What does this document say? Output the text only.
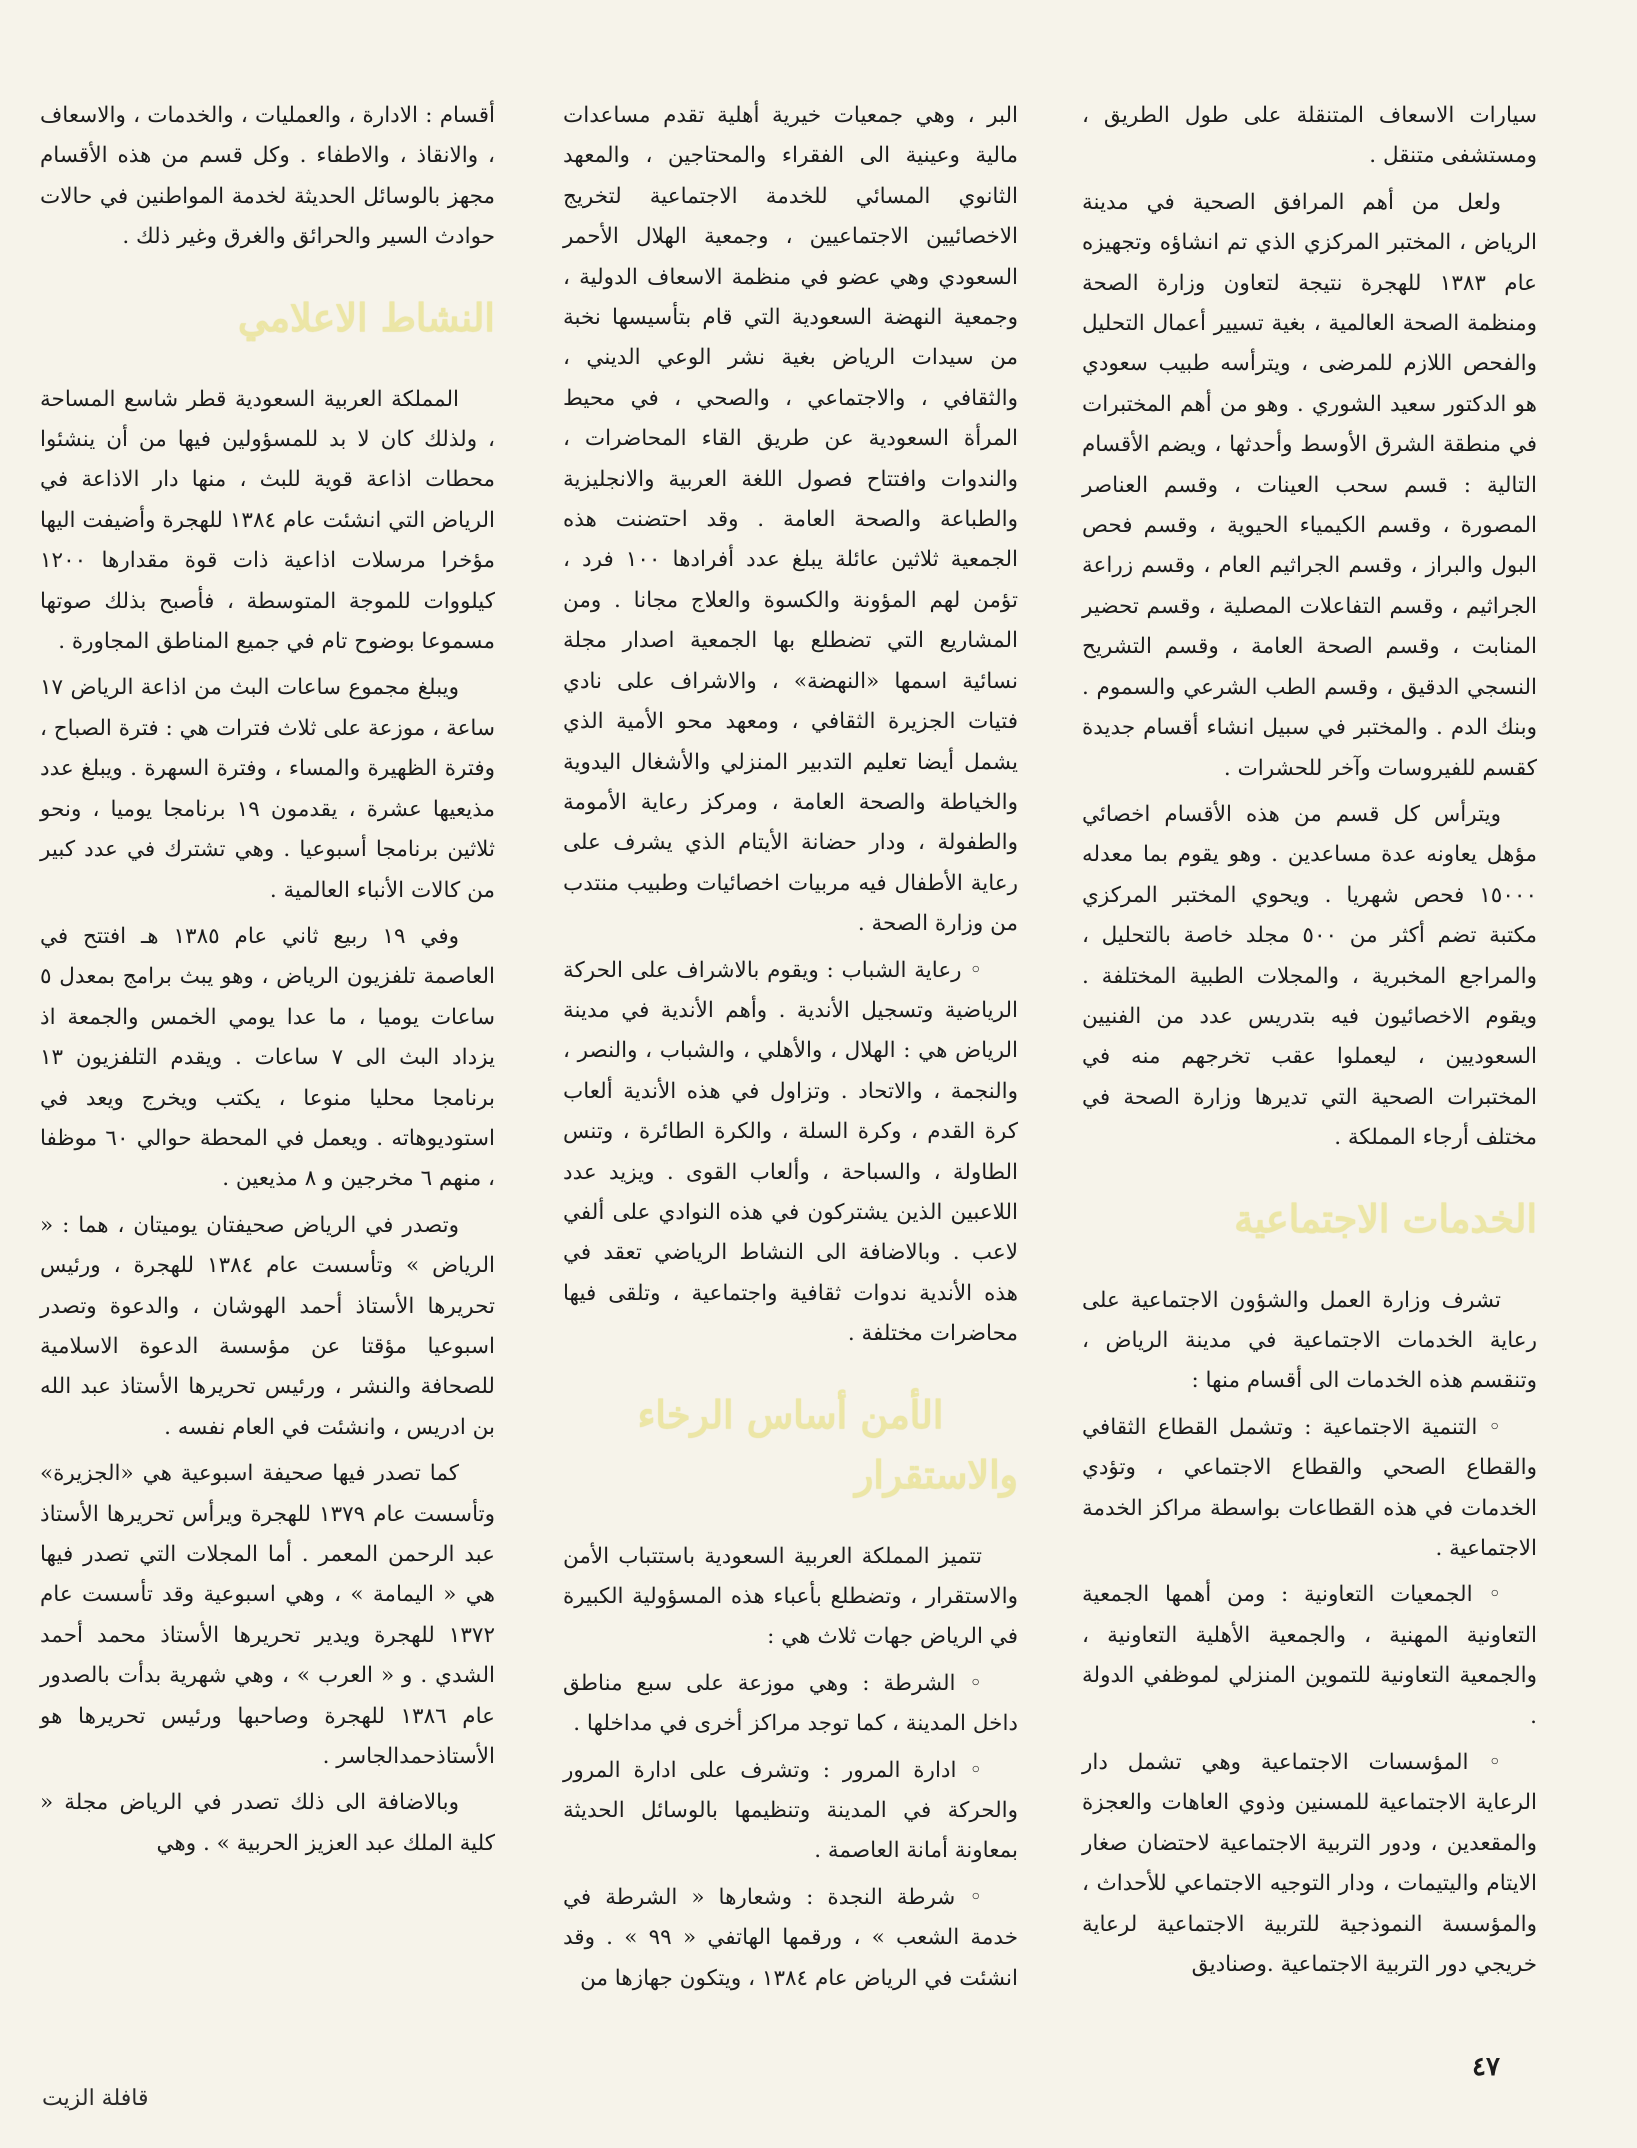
سيارات الاسعاف المتنقلة على طول الطريق ، ومستشفى متنقل .

ولعل من أهم المرافق الصحية في مدينة الرياض ، المختبر المركزي الذي تم انشاؤه وتجهيزه عام ١٣٨٣ للهجرة نتيجة لتعاون وزارة الصحة ومنظمة الصحة العالمية ، بغية تسيير أعمال التحليل والفحص اللازم للمرضى ، ويترأسه طبيب سعودي هو الدكتور سعيد الشوري . وهو من أهم المختبرات في منطقة الشرق الأوسط وأحدثها ، ويضم الأقسام التالية : قسم سحب العينات ، وقسم العناصر المصورة ، وقسم الكيمياء الحيوية ، وقسم فحص البول والبراز ، وقسم الجراثيم العام ، وقسم زراعة الجراثيم ، وقسم التفاعلات المصلية ، وقسم تحضير المنابت ، وقسم الصحة العامة ، وقسم التشريح النسجي الدقيق ، وقسم الطب الشرعي والسموم . وبنك الدم . والمختبر في سبيل انشاء أقسام جديدة كقسم للفيروسات وآخر للحشرات .

ويترأس كل قسم من هذه الأقسام اخصائي مؤهل يعاونه عدة مساعدين . وهو يقوم بما معدله ١٥٠٠٠ فحص شهريا . ويحوي المختبر المركزي مكتبة تضم أكثر من ٥٠٠ مجلد خاصة بالتحليل ، والمراجع المخبرية ، والمجلات الطبية المختلفة . ويقوم الاخصائيون فيه بتدريس عدد من الفنيين السعوديين ، ليعملوا عقب تخرجهم منه في المختبرات الصحية التي تديرها وزارة الصحة في مختلف أرجاء المملكة .

الخدمات الاجتماعية

تشرف وزارة العمل والشؤون الاجتماعية على رعاية الخدمات الاجتماعية في مدينة الرياض ، وتنقسم هذه الخدمات الى أقسام منها :

◦ التنمية الاجتماعية : وتشمل القطاع الثقافي والقطاع الصحي والقطاع الاجتماعي ، وتؤدي الخدمات في هذه القطاعات بواسطة مراكز الخدمة الاجتماعية .

◦ الجمعيات التعاونية : ومن أهمها الجمعية التعاونية المهنية ، والجمعية الأهلية التعاونية ، والجمعية التعاونية للتموين المنزلي لموظفي الدولة .

◦ المؤسسات الاجتماعية وهي تشمل دار الرعاية الاجتماعية للمسنين وذوي العاهات والعجزة والمقعدين ، ودور التربية الاجتماعية لاحتضان صغار الايتام واليتيمات ، ودار التوجيه الاجتماعي للأحداث ، والمؤسسة النموذجية للتربية الاجتماعية لرعاية خريجي دور التربية الاجتماعية .وصناديق

البر ، وهي جمعيات خيرية أهلية تقدم مساعدات مالية وعينية الى الفقراء والمحتاجين ، والمعهد الثانوي المسائي للخدمة الاجتماعية لتخريج الاخصائيين الاجتماعيين ، وجمعية الهلال الأحمر السعودي وهي عضو في منظمة الاسعاف الدولية ، وجمعية النهضة السعودية التي قام بتأسيسها نخبة من سيدات الرياض بغية نشر الوعي الديني ، والثقافي ، والاجتماعي ، والصحي ، في محيط المرأة السعودية عن طريق القاء المحاضرات ، والندوات وافتتاح فصول اللغة العربية والانجليزية والطباعة والصحة العامة . وقد احتضنت هذه الجمعية ثلاثين عائلة يبلغ عدد أفرادها ١٠٠ فرد ، تؤمن لهم المؤونة والكسوة والعلاج مجانا . ومن المشاريع التي تضطلع بها الجمعية اصدار مجلة نسائية اسمها «النهضة» ، والاشراف على نادي فتيات الجزيرة الثقافي ، ومعهد محو الأمية الذي يشمل أيضا تعليم التدبير المنزلي والأشغال اليدوية والخياطة والصحة العامة ، ومركز رعاية الأمومة والطفولة ، ودار حضانة الأيتام الذي يشرف على رعاية الأطفال فيه مربيات اخصائيات وطبيب منتدب من وزارة الصحة .

◦ رعاية الشباب : ويقوم بالاشراف على الحركة الرياضية وتسجيل الأندية . وأهم الأندية في مدينة الرياض هي : الهلال ، والأهلي ، والشباب ، والنصر ، والنجمة ، والاتحاد . وتزاول في هذه الأندية ألعاب كرة القدم ، وكرة السلة ، والكرة الطائرة ، وتنس الطاولة ، والسباحة ، وألعاب القوى . ويزيد عدد اللاعبين الذين يشتركون في هذه النوادي على ألفي لاعب . وبالاضافة الى النشاط الرياضي تعقد في هذه الأندية ندوات ثقافية واجتماعية ، وتلقى فيها محاضرات مختلفة .

الأمن أساس الرخاء والاستقرار

تتميز المملكة العربية السعودية باستتباب الأمن والاستقرار ، وتضطلع بأعباء هذه المسؤولية الكبيرة في الرياض جهات ثلاث هي :

◦ الشرطة : وهي موزعة على سبع مناطق داخل المدينة ، كما توجد مراكز أخرى في مداخلها .

◦ ادارة المرور : وتشرف على ادارة المرور والحركة في المدينة وتنظيمها بالوسائل الحديثة بمعاونة أمانة العاصمة .

◦ شرطة النجدة : وشعارها « الشرطة في خدمة الشعب » ، ورقمها الهاتفي « ٩٩ » . وقد انشئت في الرياض عام ١٣٨٤ ، ويتكون جهازها من

أقسام : الادارة ، والعمليات ، والخدمات ، والاسعاف ، والانقاذ ، والاطفاء . وكل قسم من هذه الأقسام مجهز بالوسائل الحديثة لخدمة المواطنين في حالات حوادث السير والحرائق والغرق وغير ذلك .

النشاط الاعلامي

المملكة العربية السعودية قطر شاسع المساحة ، ولذلك كان لا بد للمسؤولين فيها من أن ينشئوا محطات اذاعة قوية للبث ، منها دار الاذاعة في الرياض التي انشئت عام ١٣٨٤ للهجرة وأضيفت اليها مؤخرا مرسلات اذاعية ذات قوة مقدارها ١٢٠٠ كيلووات للموجة المتوسطة ، فأصبح بذلك صوتها مسموعا بوضوح تام في جميع المناطق المجاورة .

ويبلغ مجموع ساعات البث من اذاعة الرياض ١٧ ساعة ، موزعة على ثلاث فترات هي : فترة الصباح ، وفترة الظهيرة والمساء ، وفترة السهرة . ويبلغ عدد مذيعيها عشرة ، يقدمون ١٩ برنامجا يوميا ، ونحو ثلاثين برنامجا أسبوعيا . وهي تشترك في عدد كبير من كالات الأنباء العالمية .

وفي ١٩ ربيع ثاني عام ١٣٨٥ هـ افتتح في العاصمة تلفزيون الرياض ، وهو يبث برامج بمعدل ٥ ساعات يوميا ، ما عدا يومي الخمس والجمعة اذ يزداد البث الى ٧ ساعات . ويقدم التلفزيون ١٣ برنامجا محليا منوعا ، يكتب ويخرج ويعد في استوديوهاته . ويعمل في المحطة حوالي ٦٠ موظفا ، منهم ٦ مخرجين و ٨ مذيعين .

وتصدر في الرياض صحيفتان يوميتان ، هما : « الرياض » وتأسست عام ١٣٨٤ للهجرة ، ورئيس تحريرها الأستاذ أحمد الهوشان ، والدعوة وتصدر اسبوعيا مؤقتا عن مؤسسة الدعوة الاسلامية للصحافة والنشر ، ورئيس تحريرها الأستاذ عبد الله بن ادريس ، وانشئت في العام نفسه .

كما تصدر فيها صحيفة اسبوعية هي «الجزيرة» وتأسست عام ١٣٧٩ للهجرة ويرأس تحريرها الأستاذ عبد الرحمن المعمر . أما المجلات التي تصدر فيها هي « اليمامة » ، وهي اسبوعية وقد تأسست عام ١٣٧٢ للهجرة ويدير تحريرها الأستاذ محمد أحمد الشدي . و « العرب » ، وهي شهرية بدأت بالصدور عام ١٣٨٦ للهجرة وصاحبها ورئيس تحريرها هو الأستاذحمدالجاسر .

وبالاضافة الى ذلك تصدر في الرياض مجلة « كلية الملك عبد العزيز الحربية » . وهي

٤٧
قافلة الزيت
